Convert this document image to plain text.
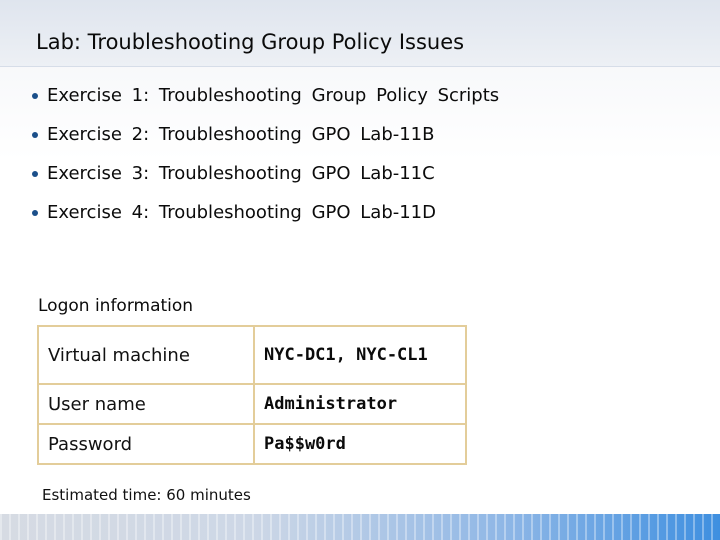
Lab: Troubleshooting Group Policy Issues
Exercise 1: Troubleshooting Group Policy Scripts
Exercise 2: Troubleshooting GPO Lab-11B
Exercise 3: Troubleshooting GPO Lab-11C
Exercise 4: Troubleshooting GPO Lab-11D
Logon information
Virtual machine	NYC-DC1, NYC-CL1
User name	Administrator
Password	Pa$$w0rd
Estimated time: 60 minutes
